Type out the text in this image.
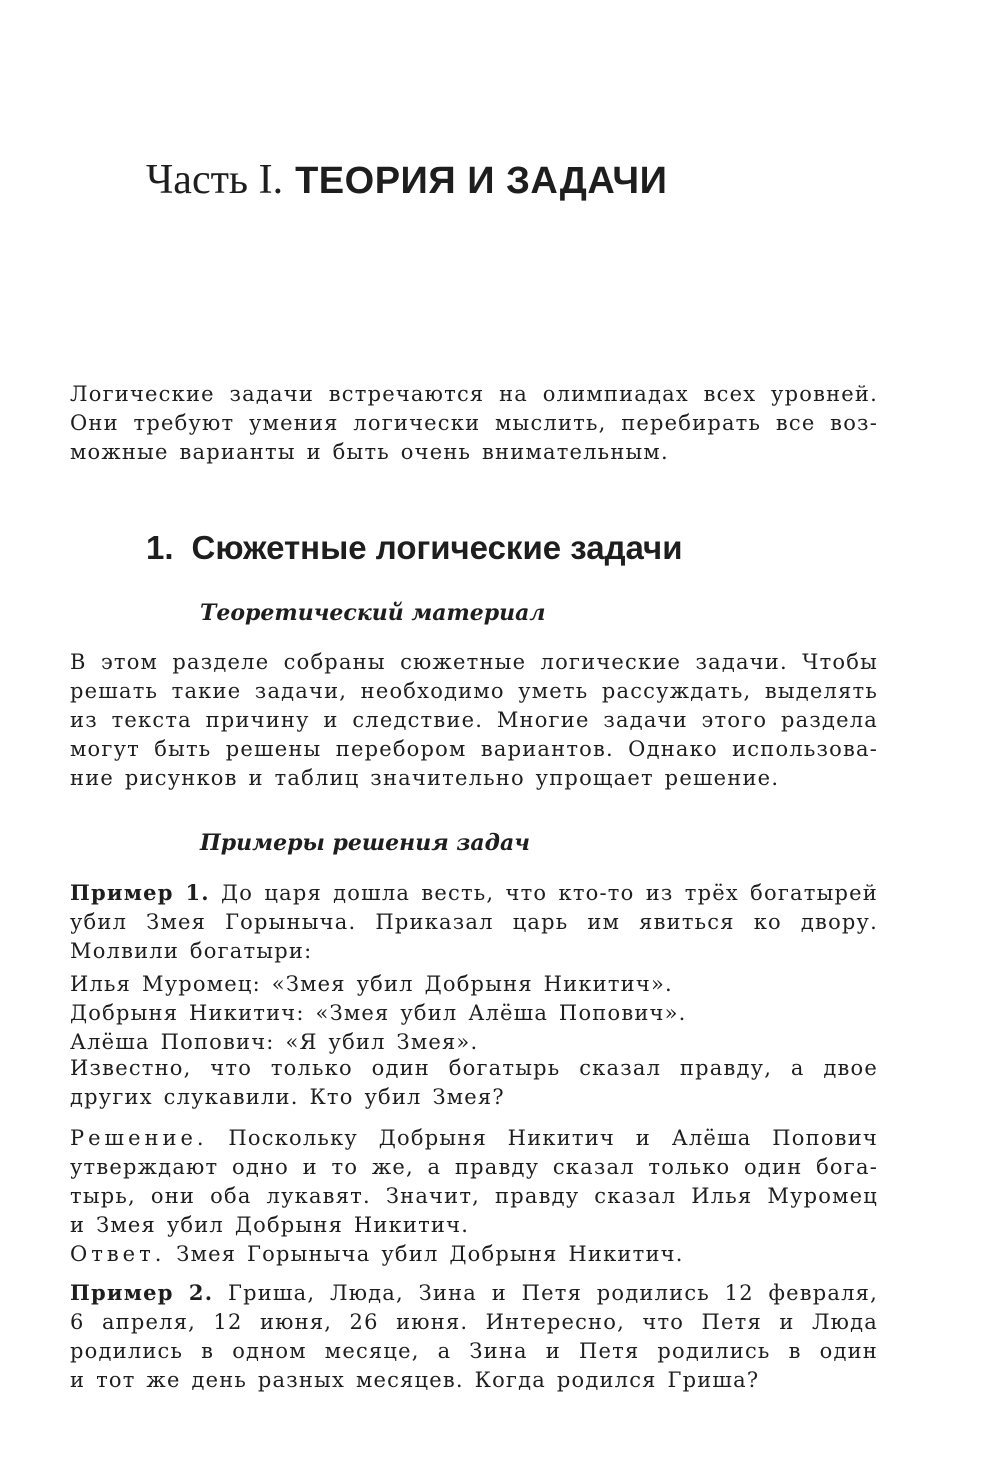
Часть I. ТЕОРИЯ И ЗАДАЧИ

Логические задачи встречаются на олимпиадах всех уровней.
Они требуют умения логически мыслить, перебирать все воз-
можные варианты и быть очень внимательным.

1. Сюжетные логические задачи
Теоретический материал

В этом разделе собраны сюжетные логические задачи. Чтобы
решать такие задачи, необходимо уметь рассуждать, выделять
из текста причину и следствие. Многие задачи этого раздела
могут быть решены перебором вариантов. Однако использова-
ние рисунков и таблиц значительно упрощает решение.

Примеры решения задач

Пример 1. До царя дошла весть, что кто-то из трёх богатырей
убил Змея Горыныча. Приказал царь им явиться ко двору.
Молвили богатыри:

Илья Муромец: «Змея убил Добрыня Никитич».
Добрыня Никитич: «Змея убил Алёша Попович».
Алёша Попович: «Я убил Змея».

Известно, что только один богатырь сказал правду, а двое
других слукавили. Кто убил Змея?

Решение. Поскольку Добрыня Никитич и Алёша Попович
утверждают одно и то же, а правду сказал только один бога-
тырь, они оба лукавят. Значит, правду сказал Илья Муромец
и Змея убил Добрыня Никитич.
Ответ. Змея Горыныча убил Добрыня Никитич.

Пример 2. Гриша, Люда, Зина и Петя родились 12 февраля,
6 апреля, 12 июня, 26 июня. Интересно, что Петя и Люда
родились в одном месяце, а Зина и Петя родились в один
и тот же день разных месяцев. Когда родился Гриша?
